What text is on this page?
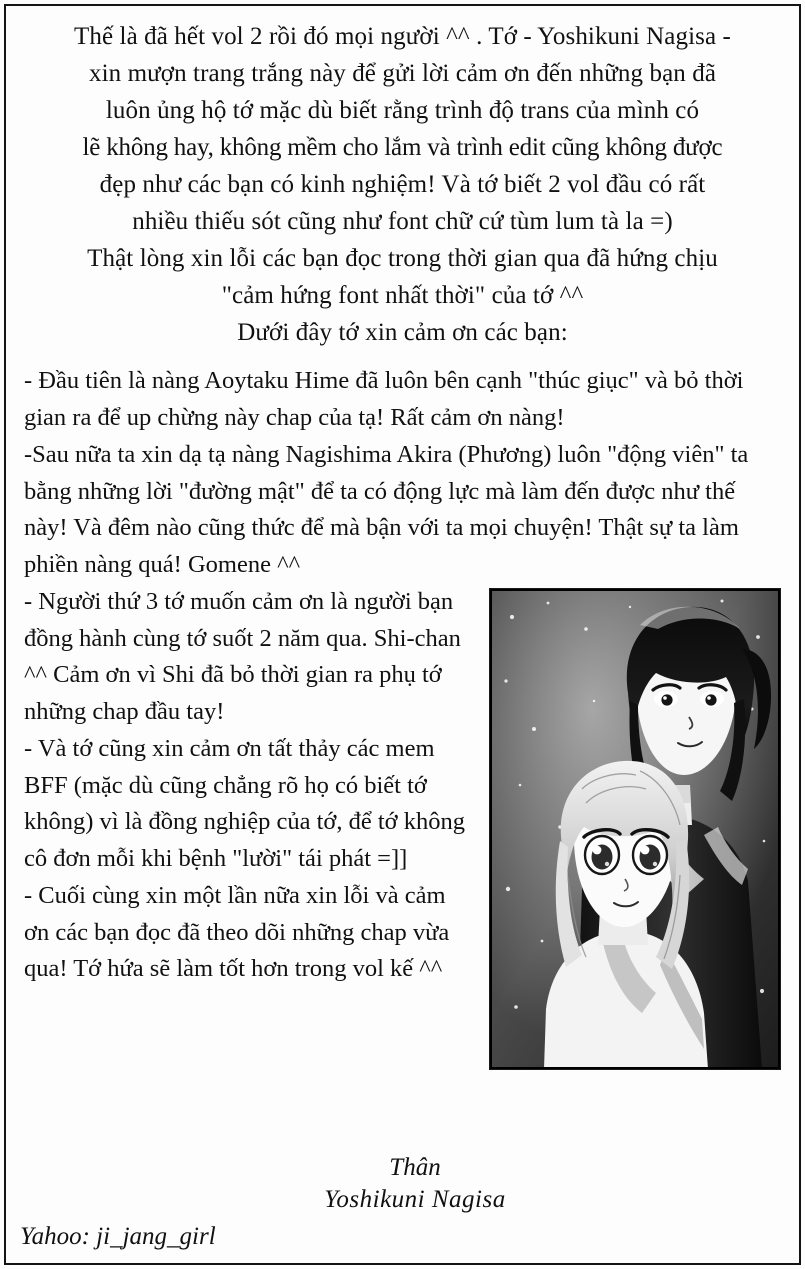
Thế là đã hết vol 2 rồi đó mọi người ^^ . Tớ - Yoshikuni Nagisa -

xin mượn trang trắng này để gửi lời cảm ơn đến những bạn đã

luôn ủng hộ tớ mặc dù biết rằng trình độ trans của mình có

lẽ không hay, không mềm cho lắm và trình edit cũng không được

đẹp như các bạn có kinh nghiệm! Và tớ biết 2 vol đầu có rất

nhiều thiếu sót cũng như font chữ cứ tùm lum tà la =)

Thật lòng xin lỗi các bạn đọc trong thời gian qua đã hứng chịu

"cảm hứng font nhất thời" của tớ ^^

Dưới đây tớ xin cảm ơn các bạn:

- Đầu tiên là nàng Aoytaku Hime đã luôn bên cạnh "thúc giục" và bỏ thời gian ra để up chừng này chap của tạ! Rất cảm ơn nàng!

-Sau nữa ta xin dạ tạ nàng Nagishima Akira (Phương) luôn "động viên" ta bằng những lời "đường mật" để ta có động lực mà làm đến được như thế này! Và đêm nào cũng thức để mà bận với ta mọi chuyện! Thật sự ta làm phiền nàng quá! Gomene ^^

- Người thứ 3 tớ muốn cảm ơn là người bạn đồng hành cùng tớ suốt 2 năm qua. Shi-chan ^^ Cảm ơn vì Shi đã bỏ thời gian ra phụ tớ những chap đầu tay!

- Và tớ cũng xin cảm ơn tất thảy các mem BFF (mặc dù cũng chẳng rõ họ có biết tớ không) vì là đồng nghiệp của tớ, để tớ không cô đơn mỗi khi bệnh "lười" tái phát =]]

- Cuối cùng xin một lần nữa xin lỗi và cảm ơn các bạn đọc đã theo dõi những chap vừa qua! Tớ hứa sẽ làm tốt hơn trong vol kế ^^

Thân
Yoshikuni Nagisa
Yahoo: ji_jang_girl
